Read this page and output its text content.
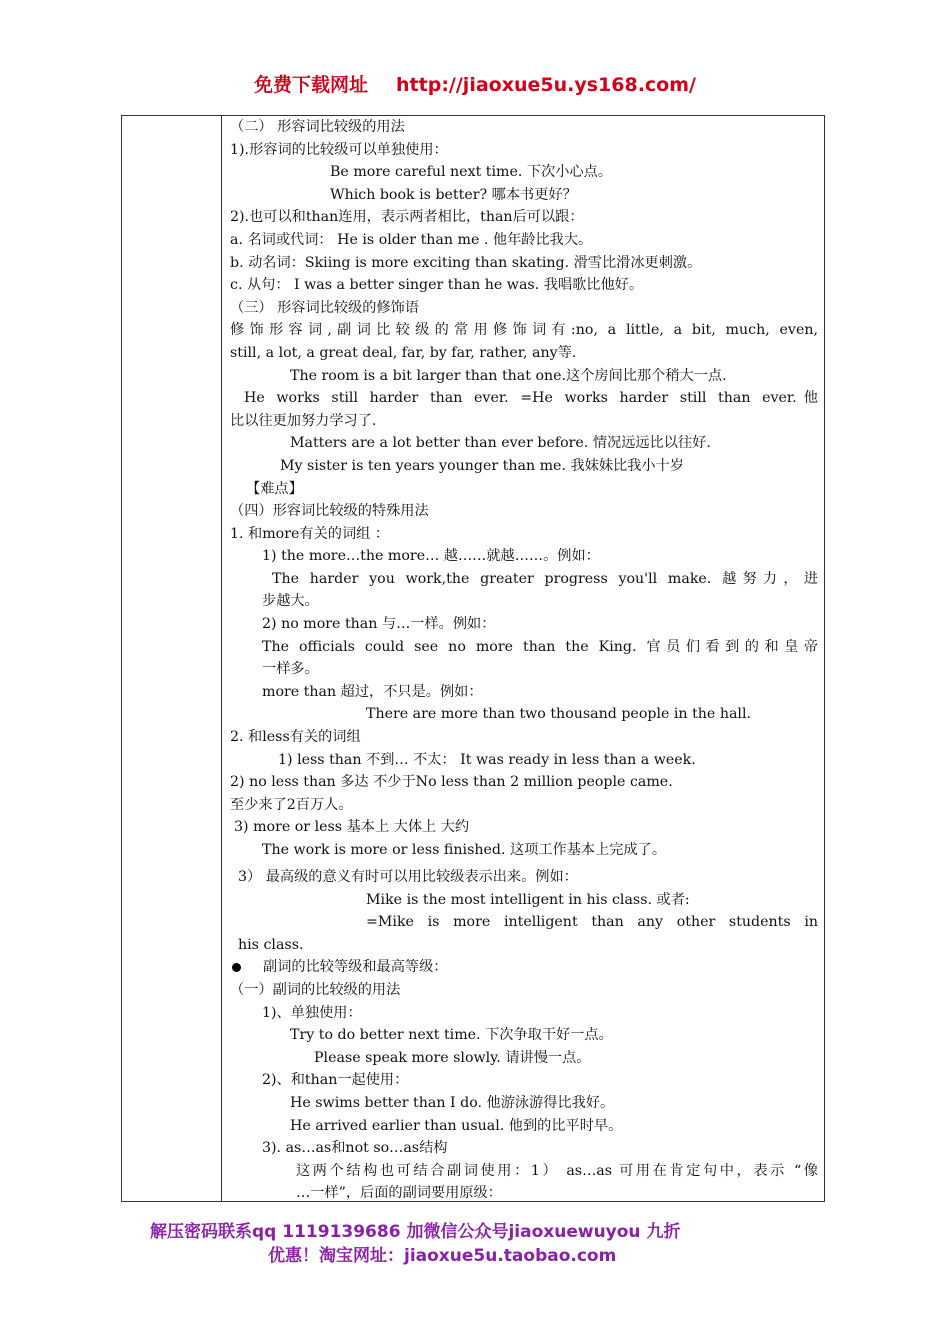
免费下载网址 http://jiaoxue5u.ys168.com/
（二） 形容词比较级的用法
1).形容词的比较级可以单独使用：
Be more careful next time. 下次小心点。
Which book is better? 哪本书更好？
2).也可以和than连用，表示两者相比，than后可以跟：
a. 名词或代词： He is older than me . 他年龄比我大。
b. 动名词：Skiing is more exciting than skating. 滑雪比滑冰更刺激。
c. 从句： I was a better singer than he was. 我唱歌比他好。
（三） 形容词比较级的修饰语
修饰形容词,副词比较级的常用修饰词有:no, a little, a bit, much, even,
still, a lot, a great deal, far, by far, rather, any等.
The room is a bit larger than that one.这个房间比那个稍大一点.
He works still harder than ever. =He works harder still than ever.他
比以往更加努力学习了.
Matters are a lot better than ever before. 情况远远比以往好.
My sister is ten years younger than me. 我妹妹比我小十岁
【难点】
（四）形容词比较级的特殊用法
1. 和more有关的词组 ：
1) the more…the more… 越……就越……。例如：
The harder you work,the greater progress you'll make. 越努力，进
步越大。
2) no more than 与…一样。例如：
The officials could see no more than the King. 官员们看到的和皇帝
一样多。
more than 超过，不只是。例如：
There are more than two thousand people in the hall.
2. 和less有关的词组
1) less than 不到… 不太： It was ready in less than a week.
2) no less than 多达 不少于No less than 2 million people came.
至少来了2百万人。
3) more or less 基本上 大体上 大约
The work is more or less finished. 这项工作基本上完成了。
3） 最高级的意义有时可以用比较级表示出来。例如：
Mike is the most intelligent in his class. 或者:
=Mike is more intelligent than any other students in
his class.
副词的比较等级和最高等级：
（一）副词的比较级的用法
1)、单独使用：
Try to do better next time. 下次争取干好一点。
Please speak more slowly. 请讲慢一点。
2)、和than一起使用：
He swims better than I do. 他游泳游得比我好。
He arrived earlier than usual. 他到的比平时早。
3). as…as和not so…as结构
这两个结构也可结合副词使用：1） as…as 可用在肯定句中，表示 “像
…一样”，后面的副词要用原级：
解压密码联系qq 1119139686 加微信公众号jiaoxuewuyou 九折
优惠！淘宝网址：jiaoxue5u.taobao.com
